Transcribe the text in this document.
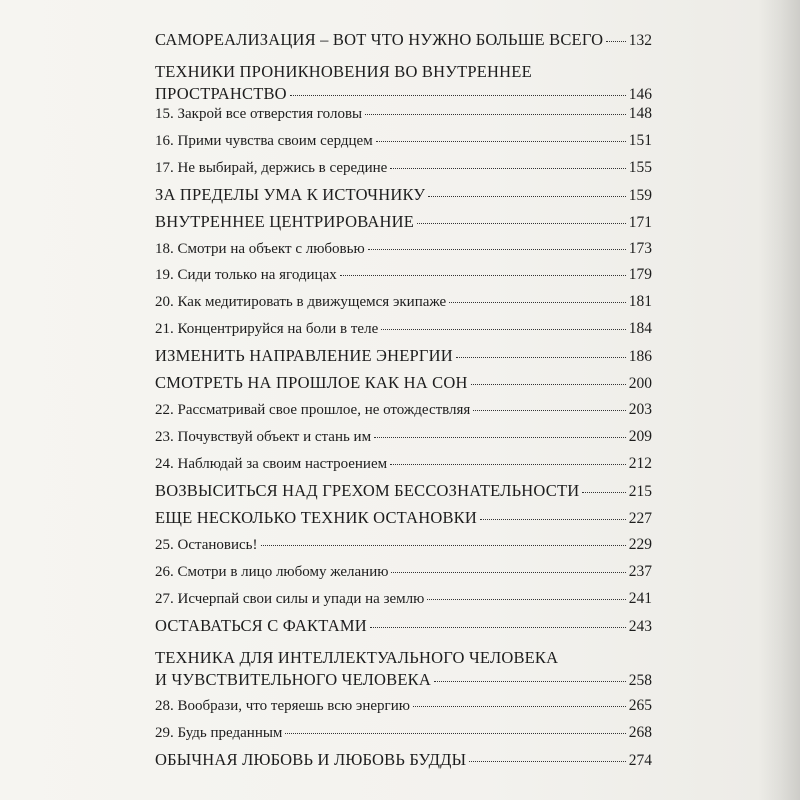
САМОРЕАЛИЗАЦИЯ – ВОТ ЧТО НУЖНО БОЛЬШЕ ВСЕГО 132
ТЕХНИКИ ПРОНИКНОВЕНИЯ ВО ВНУТРЕННЕЕ
ПРОСТРАНСТВО	146
15. Закрой все отверстия головы	148
16. Прими чувства своим сердцем	151
17. Не выбирай, держись в середине	155
ЗА ПРЕДЕЛЫ УМА К ИСТОЧНИКУ	159
ВНУТРЕННЕЕ ЦЕНТРИРОВАНИЕ	171
18. Смотри на объект с любовью	173
19. Сиди только на ягодицах	179
20. Как медитировать в движущемся экипаже	181
21. Концентрируйся на боли в теле	184
ИЗМЕНИТЬ НАПРАВЛЕНИЕ ЭНЕРГИИ	186
СМОТРЕТЬ НА ПРОШЛОЕ КАК НА СОН	200
22. Рассматривай свое прошлое, не отождествляя	203
23. Почувствуй объект и стань им	209
24. Наблюдай за своим настроением	212
ВОЗВЫСИТЬСЯ НАД ГРЕХОМ БЕССОЗНАТЕЛЬНОСТИ	215
ЕЩЕ НЕСКОЛЬКО ТЕХНИК ОСТАНОВКИ	227
25. Остановись!	229
26. Смотри в лицо любому желанию	237
27. Исчерпай свои силы и упади на землю	241
ОСТАВАТЬСЯ С ФАКТАМИ	243
ТЕХНИКА ДЛЯ ИНТЕЛЛЕКТУАЛЬНОГО ЧЕЛОВЕКА
И ЧУВСТВИТЕЛЬНОГО ЧЕЛОВЕКА	258
28. Вообрази, что теряешь всю энергию	265
29. Будь преданным	268
ОБЫЧНАЯ ЛЮБОВЬ И ЛЮБОВЬ БУДДЫ	274
